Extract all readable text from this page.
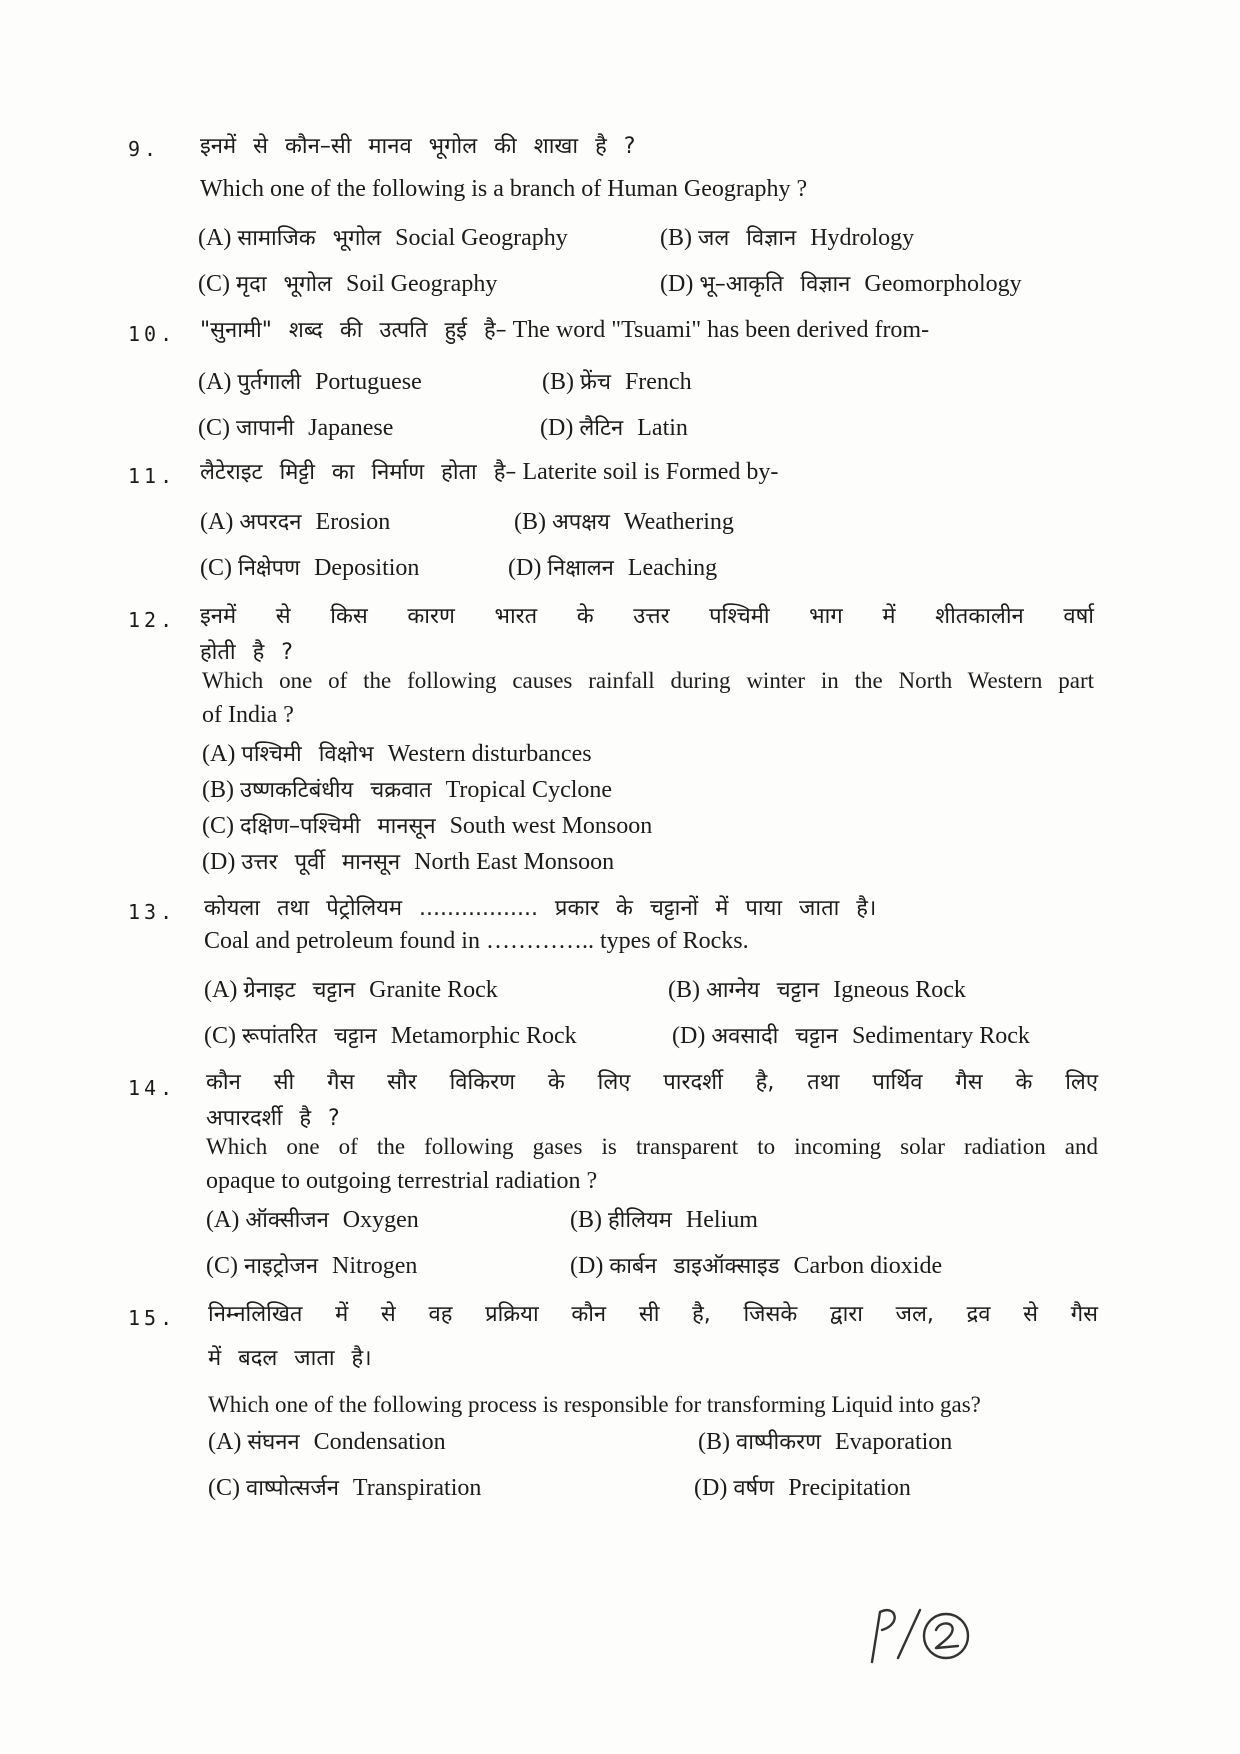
9.	इनमें से कौन–सी मानव भूगोल की शाखा है ?
Which one of the following is a branch of Human Geography ?
(A) सामाजिक भूगोल Social Geography	(B) जल विज्ञान Hydrology
(C) मृदा भूगोल Soil Geography	(D) भू–आकृति विज्ञान Geomorphology
10.	"सुनामी" शब्द की उत्पति हुई है– The word "Tsuami" has been derived from-
(A) पुर्तगाली Portuguese	(B) फ्रेंच French
(C) जापानी Japanese	(D) लैटिन Latin
11.	लैटेराइट मिट्टी का निर्माण होता है– Laterite soil is Formed by-
(A) अपरदन Erosion	(B) अपक्षय Weathering
(C) निक्षेपण Deposition	(D) निक्षालन Leaching
12.	इनमें से किस कारण भारत के उत्तर पश्चिमी भाग में शीतकालीन वर्षा
होती है ?
Which one of the following causes rainfall during winter in the North Western part
of India ?
(A) पश्चिमी विक्षोभ Western disturbances
(B) उष्णकटिबंधीय चक्रवात Tropical Cyclone
(C) दक्षिण–पश्चिमी मानसून South west Monsoon
(D) उत्तर पूर्वी मानसून North East Monsoon
13.	कोयला तथा पेट्रोलियम ................. प्रकार के चट्टानों में पाया जाता है।
Coal and petroleum found in ………….. types of Rocks.
(A) ग्रेनाइट चट्टान Granite Rock	(B) आग्नेय चट्टान Igneous Rock
(C) रूपांतरित चट्टान Metamorphic Rock	(D) अवसादी चट्टान Sedimentary Rock
14.	कौन सी गैस सौर विकिरण के लिए पारदर्शी है, तथा पार्थिव गैस के लिए
अपारदर्शी है ?
Which one of the following gases is transparent to incoming solar radiation and
opaque to outgoing terrestrial radiation ?
(A) ऑक्सीजन Oxygen	(B) हीलियम Helium
(C) नाइट्रोजन Nitrogen	(D) कार्बन डाइऑक्साइड Carbon dioxide
15.	निम्नलिखित में से वह प्रक्रिया कौन सी है, जिसके द्वारा जल, द्रव से गैस
में बदल जाता है।
Which one of the following process is responsible for transforming Liquid into gas?
(A) संघनन Condensation	(B) वाष्पीकरण Evaporation
(C) वाष्पोत्सर्जन Transpiration	(D) वर्षण Precipitation
